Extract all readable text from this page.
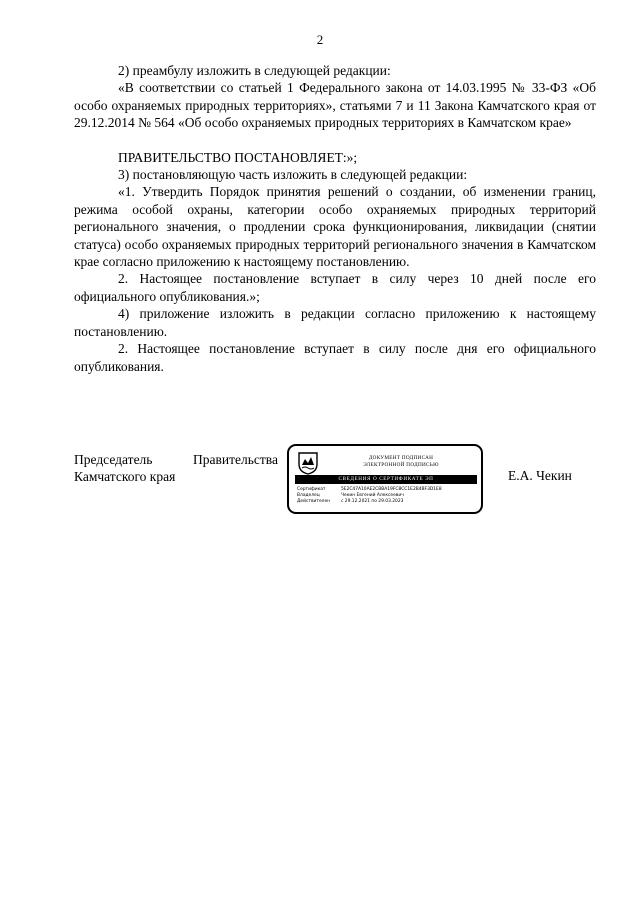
2

2) преамбулу изложить в следующей редакции:

«В соответствии со статьей 1 Федерального закона от 14.03.1995 № 33-ФЗ «Об особо охраняемых природных территориях», статьями 7 и 11 Закона Камчатского края от 29.12.2014 № 564 «Об особо охраняемых природных территориях в Камчатском крае»

ПРАВИТЕЛЬСТВО ПОСТАНОВЛЯЕТ:»;

3) постановляющую часть изложить в следующей редакции:

«1. Утвердить Порядок принятия решений о создании, об изменении границ, режима особой охраны, категории особо охраняемых природных территорий регионального значения, о продлении срока функционирования, ликвидации (снятии статуса) особо охраняемых природных территорий регионального значения в Камчатском крае согласно приложению к настоящему постановлению.

2. Настоящее постановление вступает в силу через 10 дней после его официального опубликования.»;

4) приложение изложить в редакции согласно приложению к настоящему постановлению.

2. Настоящее постановление вступает в силу после дня его официального опубликования.

Председатель	Правительства
Камчатского края
ДОКУМЕНТ ПОДПИСАН
ЭЛЕКТРОННОЙ ПОДПИСЬЮ
СВЕДЕНИЯ О СЕРТИФИКАТЕ ЭП
Сертификат	5E2C47A10AE2CBBA19FC8CC1E2B4BF3D1E8
Владелец	Чекин Евгений Алексеевич
Действителен	с 29.12.2021 по 29.03.2023
Е.А. Чекин
